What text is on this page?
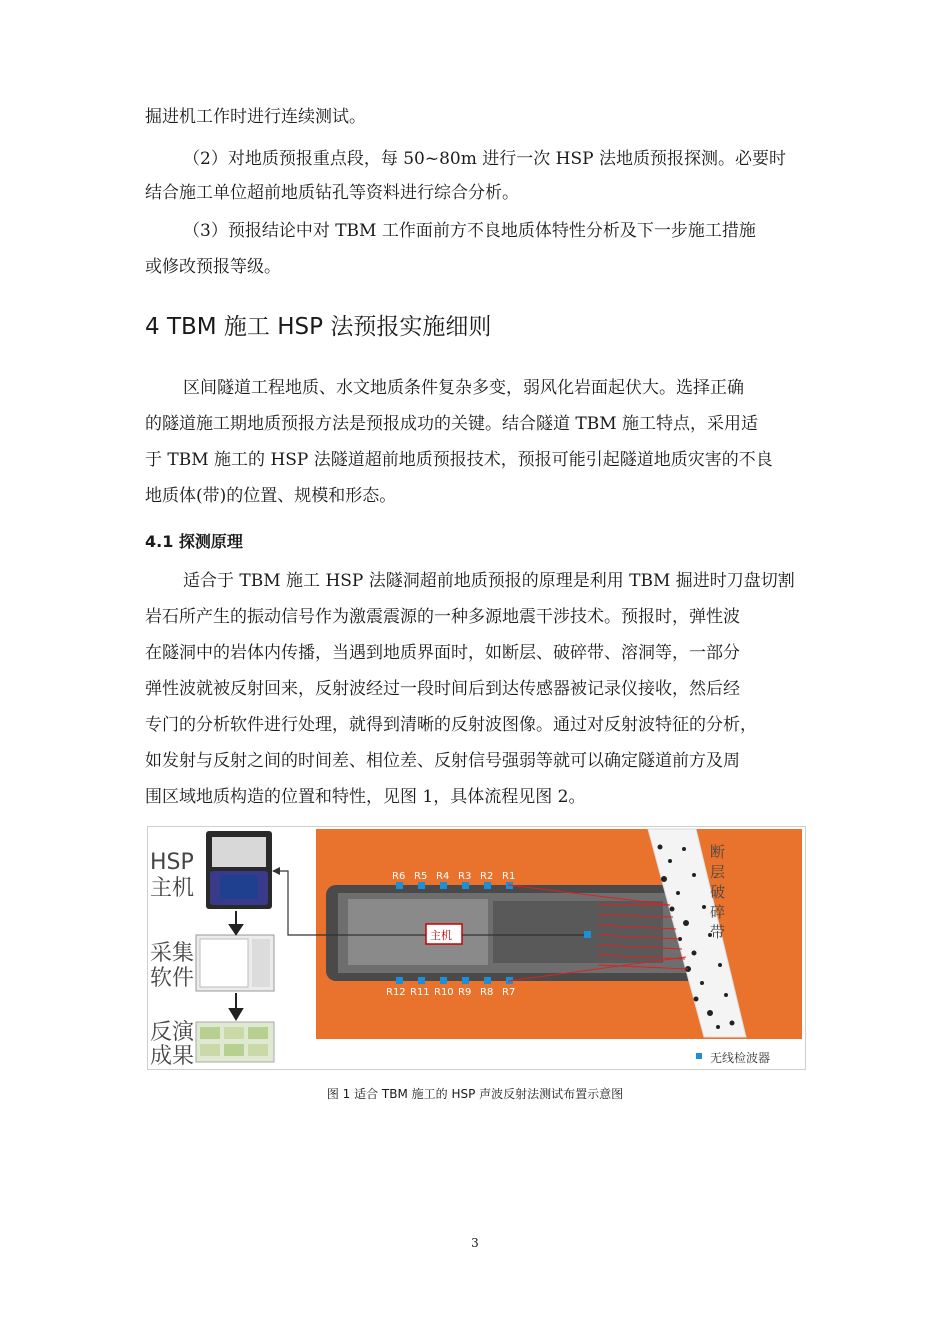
掘进机工作时进行连续测试。
（2）对地质预报重点段，每 50~80m 进行一次 HSP 法地质预报探测。必要时
结合施工单位超前地质钻孔等资料进行综合分析。
（3）预报结论中对 TBM 工作面前方不良地质体特性分析及下一步施工措施
或修改预报等级。
4 TBM 施工 HSP 法预报实施细则
区间隧道工程地质、水文地质条件复杂多变，弱风化岩面起伏大。选择正确
的隧道施工期地质预报方法是预报成功的关键。结合隧道 TBM 施工特点，采用适
于 TBM 施工的 HSP 法隧道超前地质预报技术，预报可能引起隧道地质灾害的不良
地质体(带)的位置、规模和形态。
4.1 探测原理
适合于 TBM 施工 HSP 法隧洞超前地质预报的原理是利用 TBM 掘进时刀盘切割
岩石所产生的振动信号作为激震震源的一种多源地震干涉技术。预报时，弹性波
在隧洞中的岩体内传播，当遇到地质界面时，如断层、破碎带、溶洞等，一部分
弹性波就被反射回来，反射波经过一段时间后到达传感器被记录仪接收，然后经
专门的分析软件进行处理，就得到清晰的反射波图像。通过对反射波特征的分析，
如发射与反射之间的时间差、相位差、反射信号强弱等就可以确定隧道前方及周
围区域地质构造的位置和特性，见图 1，具体流程见图 2。
HSP
主机
采集
软件
反演
成果
主机
R6 R5 R4 R3 R2 R1
R12 R11 R10 R9 R8 R7
断
层
破
碎
带
无线检波器
图 1 适合 TBM 施工的 HSP 声波反射法测试布置示意图
3
